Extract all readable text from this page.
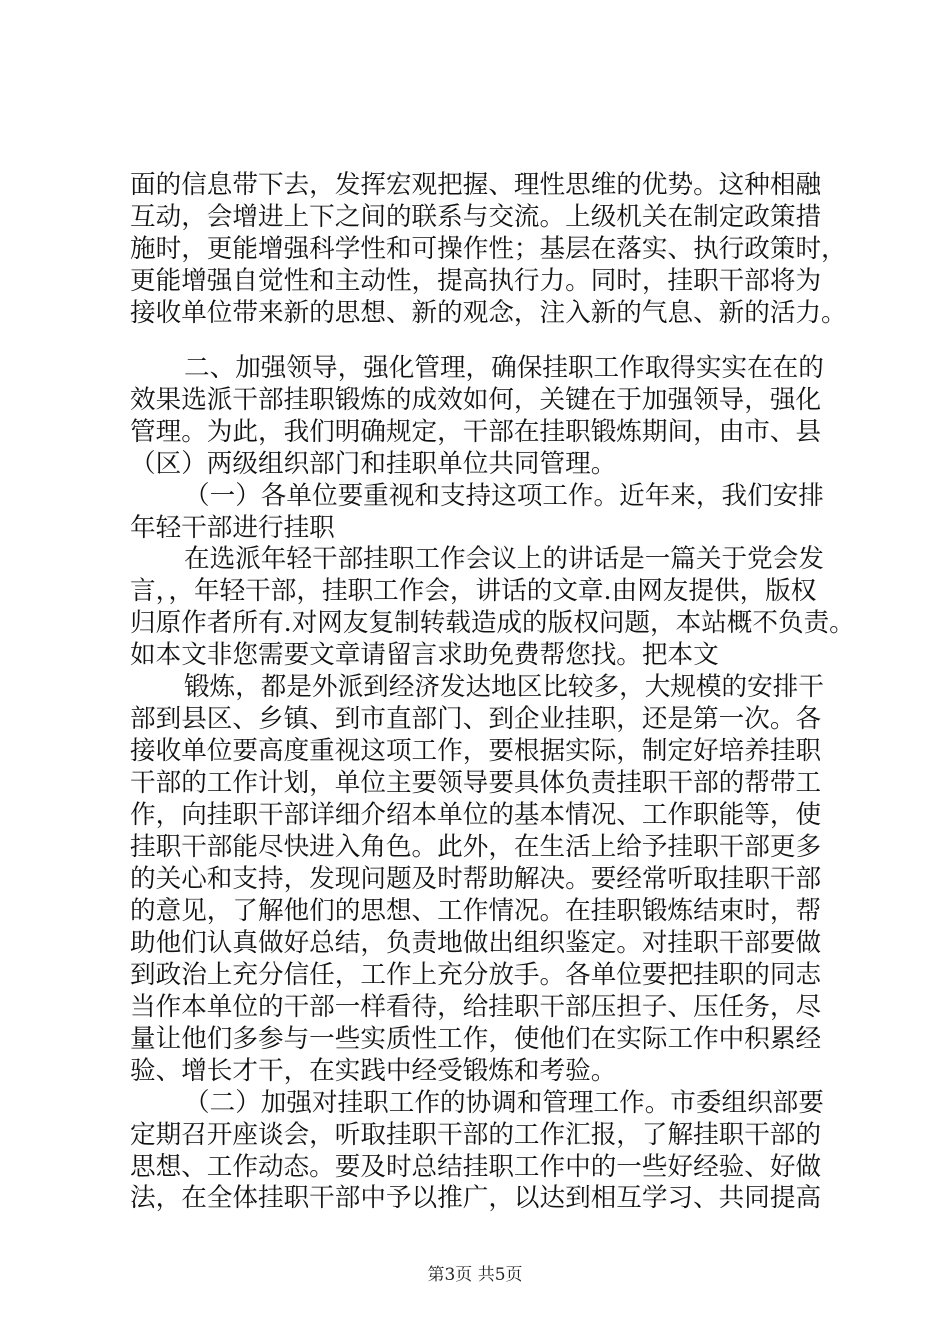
面的信息带下去，发挥宏观把握、理性思维的优势。这种相融
互动，会增进上下之间的联系与交流。上级机关在制定政策措
施时，更能增强科学性和可操作性；基层在落实、执行政策时，
更能增强自觉性和主动性，提高执行力。同时，挂职干部将为
接收单位带来新的思想、新的观念，注入新的气息、新的活力。
二、加强领导，强化管理，确保挂职工作取得实实在在的
效果选派干部挂职锻炼的成效如何，关键在于加强领导，强化
管理。为此，我们明确规定，干部在挂职锻炼期间，由市、县
（区）两级组织部门和挂职单位共同管理。
（一）各单位要重视和支持这项工作。近年来，我们安排
年轻干部进行挂职
在选派年轻干部挂职工作会议上的讲话是一篇关于党会发
言，，年轻干部，挂职工作会，讲话的文章.由网友提供，版权
归原作者所有.对网友复制转载造成的版权问题，本站概不负责。
如本文非您需要文章请留言求助免费帮您找。把本文
锻炼，都是外派到经济发达地区比较多，大规模的安排干
部到县区、乡镇、到市直部门、到企业挂职，还是第一次。各
接收单位要高度重视这项工作，要根据实际，制定好培养挂职
干部的工作计划，单位主要领导要具体负责挂职干部的帮带工
作，向挂职干部详细介绍本单位的基本情况、工作职能等，使
挂职干部能尽快进入角色。此外，在生活上给予挂职干部更多
的关心和支持，发现问题及时帮助解决。要经常听取挂职干部
的意见，了解他们的思想、工作情况。在挂职锻炼结束时，帮
助他们认真做好总结，负责地做出组织鉴定。对挂职干部要做
到政治上充分信任，工作上充分放手。各单位要把挂职的同志
当作本单位的干部一样看待，给挂职干部压担子、压任务，尽
量让他们多参与一些实质性工作，使他们在实际工作中积累经
验、增长才干，在实践中经受锻炼和考验。
（二）加强对挂职工作的协调和管理工作。市委组织部要
定期召开座谈会，听取挂职干部的工作汇报，了解挂职干部的
思想、工作动态。要及时总结挂职工作中的一些好经验、好做
法，在全体挂职干部中予以推广，以达到相互学习、共同提高
第3页 共5页
